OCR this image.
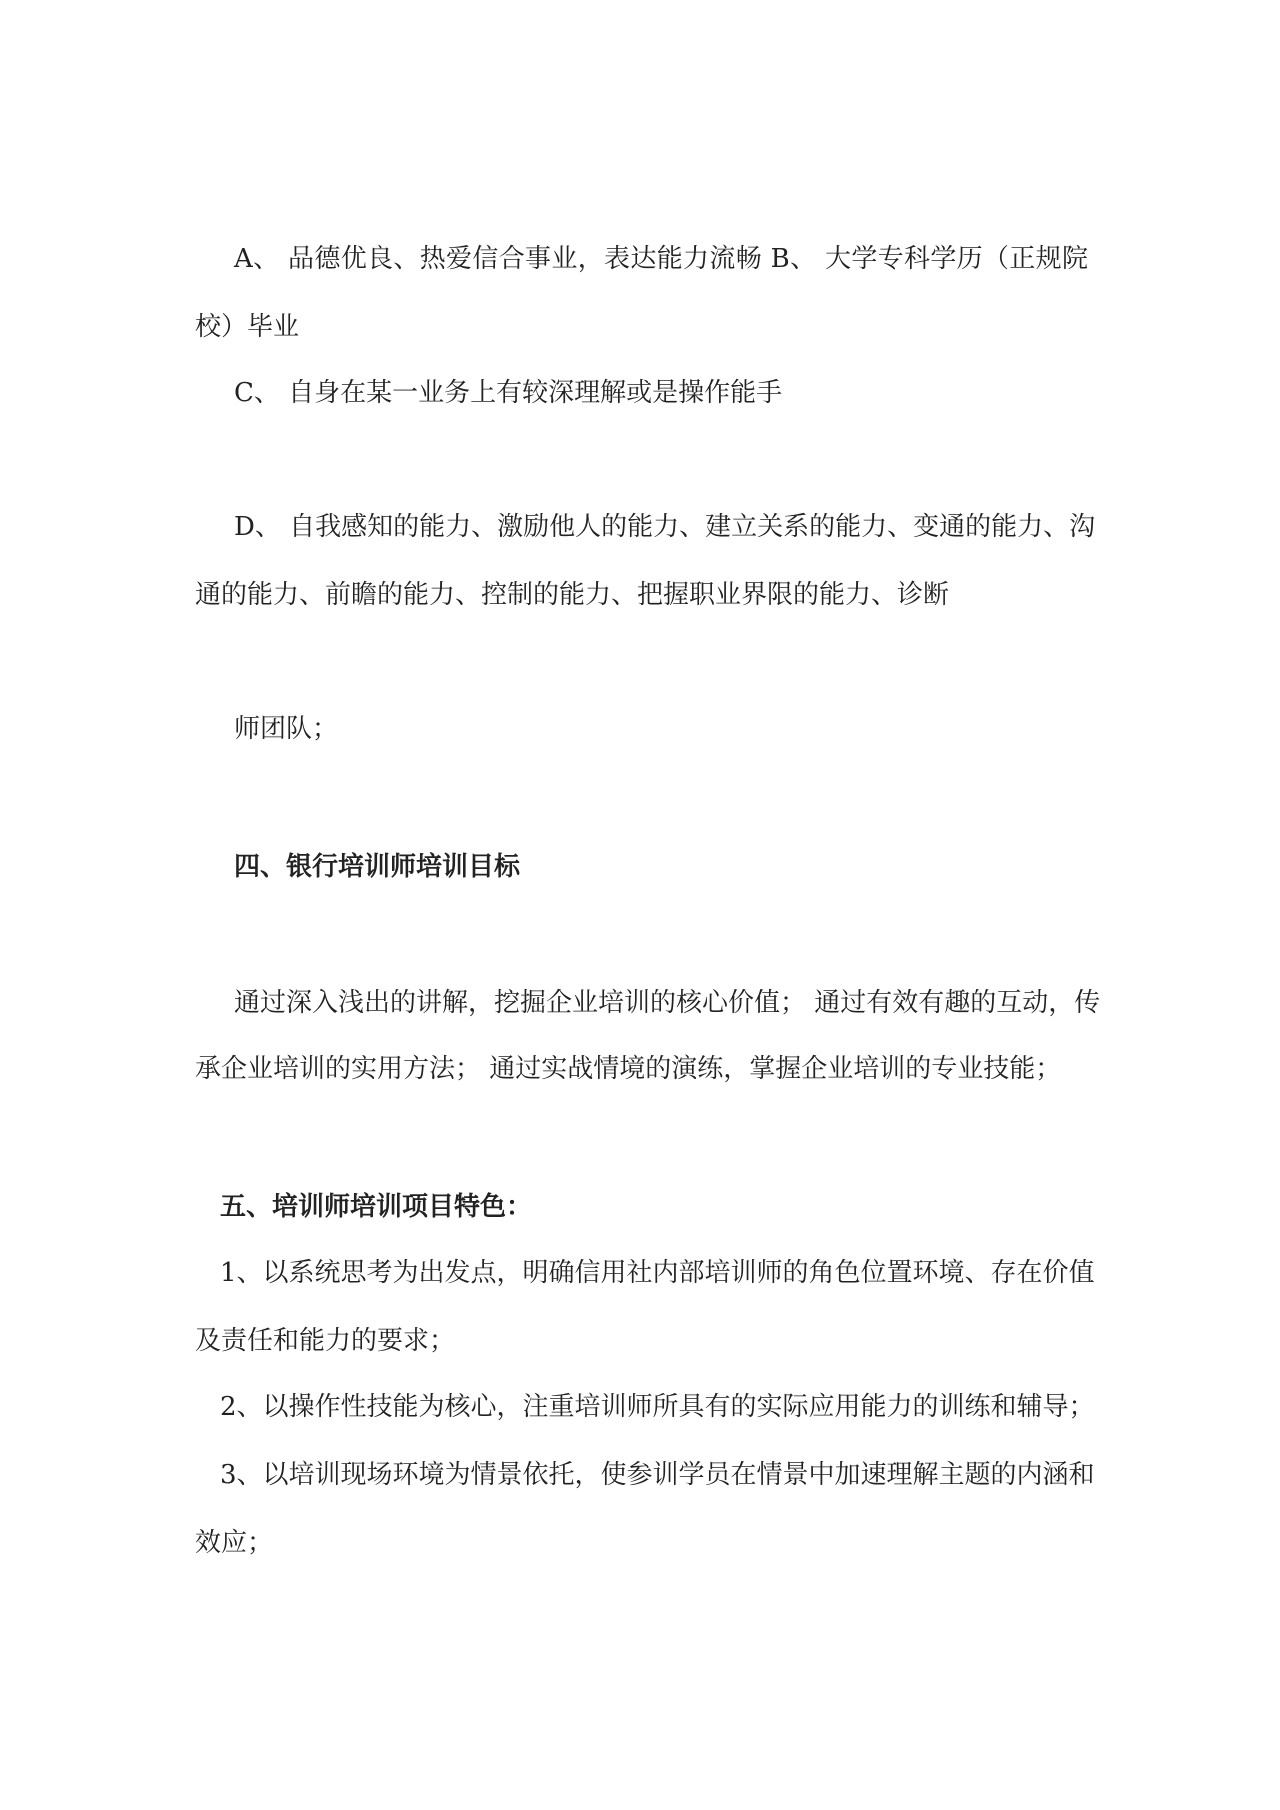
A、 品德优良、热爱信合事业，表达能力流畅 B、 大学专科学历（正规院
校）毕业
C、 自身在某一业务上有较深理解或是操作能手
D、 自我感知的能力、激励他人的能力、建立关系的能力、变通的能力、沟
通的能力、前瞻的能力、控制的能力、把握职业界限的能力、诊断
师团队；
四、银行培训师培训目标
通过深入浅出的讲解，挖掘企业培训的核心价值； 通过有效有趣的互动，传
承企业培训的实用方法； 通过实战情境的演练，掌握企业培训的专业技能；
五、培训师培训项目特色：
1、以系统思考为出发点，明确信用社内部培训师的角色位置环境、存在价值
及责任和能力的要求；
2、以操作性技能为核心，注重培训师所具有的实际应用能力的训练和辅导；
3、以培训现场环境为情景依托，使参训学员在情景中加速理解主题的内涵和
效应；
